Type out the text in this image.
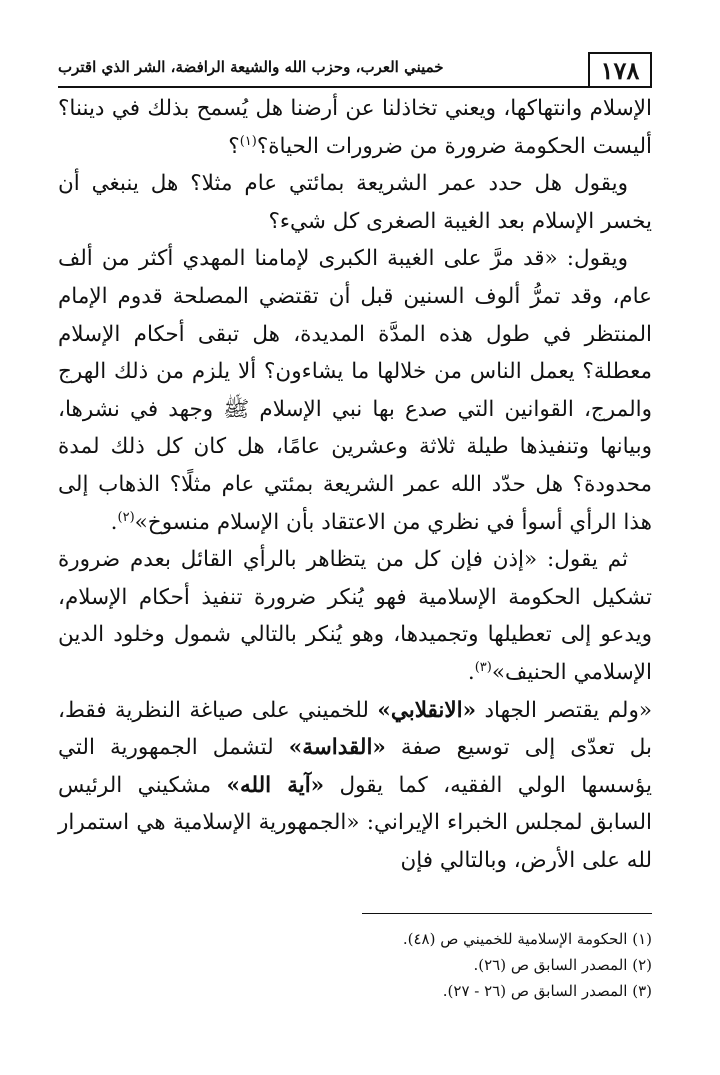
١٧٨
خميني العرب، وحزب الله والشيعة الرافضة، الشر الذي اقترب

الإسلام وانتهاكها، ويعني تخاذلنا عن أرضنا هل يُسمح بذلك في ديننا؟ أليست الحكومة ضرورة من ضرورات الحياة؟$^{(١)}$؟

ويقول هل حدد عمر الشريعة بمائتي عام مثلا؟ هل ينبغي أن يخسر الإسلام بعد الغيبة الصغرى كل شيء؟

ويقول: «قد مرَّ على الغيبة الكبرى لإمامنا المهدي أكثر من ألف عام، وقد تمرُّ ألوف السنين قبل أن تقتضي المصلحة قدوم الإمام المنتظر في طول هذه المدَّة المديدة، هل تبقى أحكام الإسلام معطلة؟ يعمل الناس من خلالها ما يشاءون؟ ألا يلزم من ذلك الهرج والمرج، القوانين التي صدع بها نبي الإسلام ﷺ وجهد في نشرها، وبيانها وتنفيذها طيلة ثلاثة وعشرين عامًا، هل كان كل ذلك لمدة محدودة؟ هل حدّد الله عمر الشريعة بمئتي عام مثلًا؟ الذهاب إلى هذا الرأي أسوأ في نظري من الاعتقاد بأن الإسلام منسوخ»$^{(٢)}$.

ثم يقول: «إذن فإن كل من يتظاهر بالرأي القائل بعدم ضرورة تشكيل الحكومة الإسلامية فهو يُنكر ضرورة تنفيذ أحكام الإسلام، ويدعو إلى تعطيلها وتجميدها، وهو يُنكر بالتالي شمول وخلود الدين الإسلامي الحنيف»$^{(٣)}$.

«ولم يقتصر الجهاد «الانقلابي» للخميني على صياغة النظرية فقط، بل تعدّى إلى توسيع صفة «القداسة» لتشمل الجمهورية التي يؤسسها الولي الفقيه، كما يقول «آية الله» مشكيني الرئيس السابق لمجلس الخبراء الإيراني: «الجمهورية الإسلامية هي استمرار لله على الأرض، وبالتالي فإن

(١) الحكومة الإسلامية للخميني ص (٤٨).
(٢) المصدر السابق ص (٢٦).
(٣) المصدر السابق ص (٢٦ - ٢٧).
